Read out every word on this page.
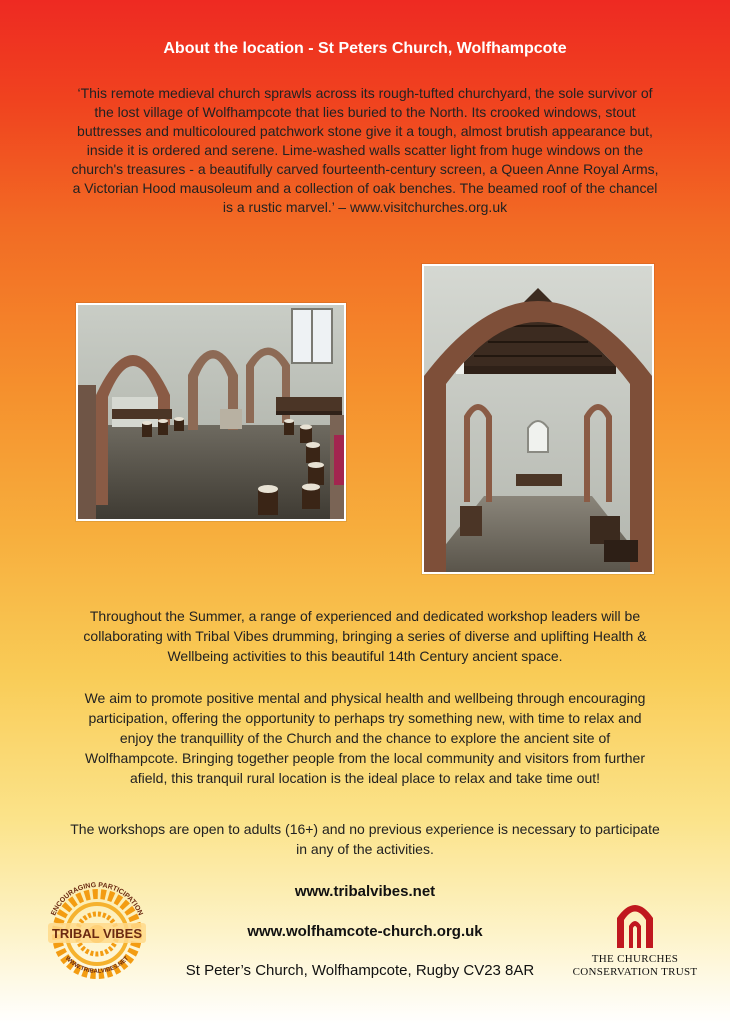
About the location - St Peters Church, Wolfhampcote
‘This remote medieval church sprawls across its rough-tufted churchyard, the sole survivor of
the lost village of Wolfhampcote that lies buried to the North. Its crooked windows, stout
buttresses and multicoloured patchwork stone give it a tough, almost brutish appearance but,
inside it is ordered and serene. Lime-washed walls scatter light from huge windows on the
church's treasures - a beautifully carved fourteenth-century screen, a Queen Anne Royal Arms,
a Victorian Hood mausoleum and a collection of oak benches. The beamed roof of the chancel
is a rustic marvel.’ – www.visitchurches.org.uk
Throughout the Summer, a range of experienced and dedicated workshop leaders will be
collaborating with Tribal Vibes drumming, bringing a series of diverse and uplifting Health &
Wellbeing activities to this beautiful 14th Century ancient space.
We aim to promote positive mental and physical health and wellbeing through encouraging
participation, offering the opportunity to perhaps try something new, with time to relax and
enjoy the tranquillity of the Church and the chance to explore the ancient site of
Wolfhampcote. Bringing together people from the local community and visitors from further
afield, this tranquil rural location is the ideal place to relax and take time out!
The workshops are open to adults (16+) and no previous experience is necessary to participate
in any of the activities.
www.tribalvibes.net
www.wolfhamcote-church.org.uk
St Peter’s Church, Wolfhampcote, Rugby CV23 8AR
ENCOURAGING PARTICIPATION
TRIBAL VIBES
WWW.TRIBALVIBES.NET	THE CHURCHES
CONSERVATION TRUST
